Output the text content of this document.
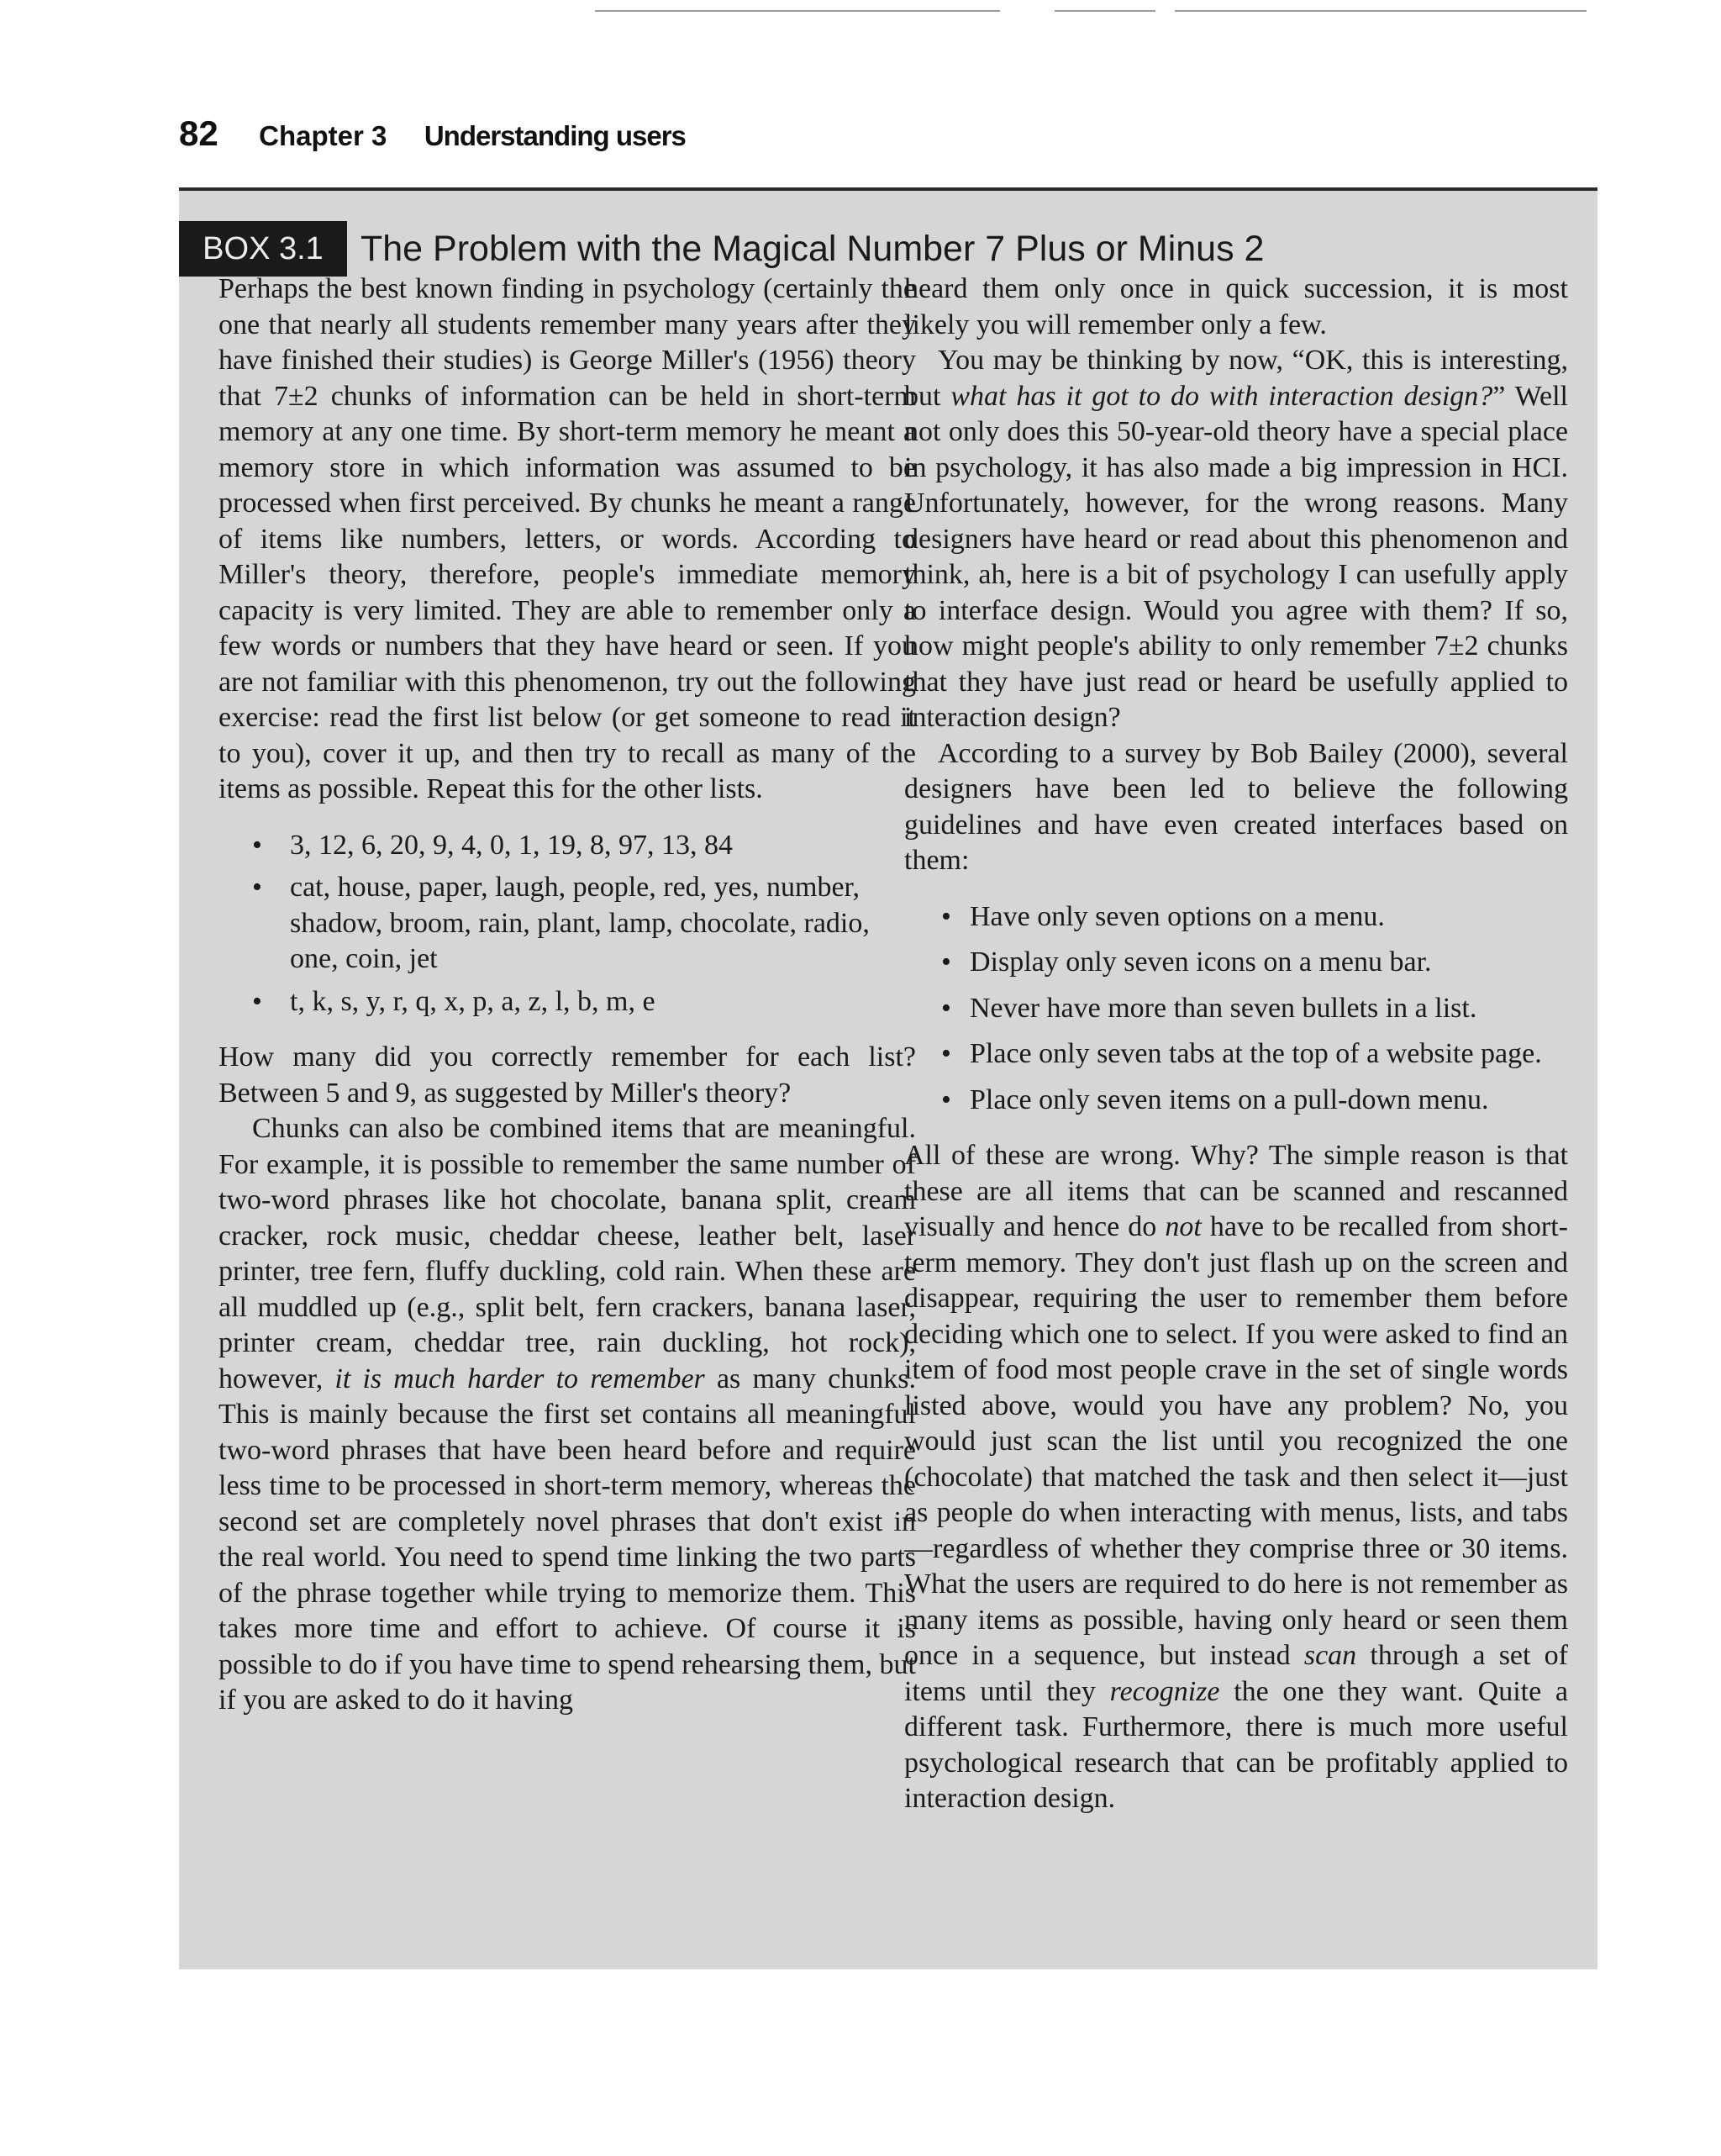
82 Chapter 3 Understanding users
BOX 3.1	The Problem with the Magical Number 7 Plus or Minus 2

Perhaps the best known finding in psychology (certainly the one that nearly all students remember many years after they have finished their studies) is George Miller's (1956) theory that 7±2 chunks of information can be held in short-term memory at any one time. By short-term memory he meant a memory store in which information was assumed to be processed when first perceived. By chunks he meant a range of items like numbers, letters, or words. According to Miller's theory, therefore, people's immediate memory capacity is very limited. They are able to remember only a few words or numbers that they have heard or seen. If you are not familiar with this phenomenon, try out the following exercise: read the first list below (or get someone to read it to you), cover it up, and then try to recall as many of the items as possible. Repeat this for the other lists.

• 3, 12, 6, 20, 9, 4, 0, 1, 19, 8, 97, 13, 84
• cat, house, paper, laugh, people, red, yes, number, shadow, broom, rain, plant, lamp, chocolate, radio, one, coin, jet
• t, k, s, y, r, q, x, p, a, z, l, b, m, e

How many did you correctly remember for each list? Between 5 and 9, as suggested by Miller's theory?

Chunks can also be combined items that are meaningful. For example, it is possible to remember the same number of two-word phrases like hot chocolate, banana split, cream cracker, rock music, cheddar cheese, leather belt, laser printer, tree fern, fluffy duckling, cold rain. When these are all muddled up (e.g., split belt, fern crackers, banana laser, printer cream, cheddar tree, rain duckling, hot rock), however, it is much harder to remember as many chunks. This is mainly because the first set contains all meaningful two-word phrases that have been heard before and require less time to be processed in short-term memory, whereas the second set are completely novel phrases that don't exist in the real world. You need to spend time linking the two parts of the phrase together while trying to memorize them. This takes more time and effort to achieve. Of course it is possible to do if you have time to spend rehearsing them, but if you are asked to do it having

heard them only once in quick succession, it is most likely you will remember only a few.

You may be thinking by now, “OK, this is interesting, but what has it got to do with interaction design?” Well not only does this 50-year-old theory have a special place in psychology, it has also made a big impression in HCI. Unfortunately, however, for the wrong reasons. Many designers have heard or read about this phenomenon and think, ah, here is a bit of psychology I can usefully apply to interface design. Would you agree with them? If so, how might people's ability to only remember 7±2 chunks that they have just read or heard be usefully applied to interaction design?

According to a survey by Bob Bailey (2000), several designers have been led to believe the following guidelines and have even created interfaces based on them:

• Have only seven options on a menu.
• Display only seven icons on a menu bar.
• Never have more than seven bullets in a list.
• Place only seven tabs at the top of a website page.
• Place only seven items on a pull-down menu.

All of these are wrong. Why? The simple reason is that these are all items that can be scanned and rescanned visually and hence do not have to be recalled from short-term memory. They don't just flash up on the screen and disappear, requiring the user to remember them before deciding which one to select. If you were asked to find an item of food most people crave in the set of single words listed above, would you have any problem? No, you would just scan the list until you recognized the one (chocolate) that matched the task and then select it—just as people do when interacting with menus, lists, and tabs—regardless of whether they comprise three or 30 items. What the users are required to do here is not remember as many items as possible, having only heard or seen them once in a sequence, but instead scan through a set of items until they recognize the one they want. Quite a different task. Furthermore, there is much more useful psychological research that can be profitably applied to interaction design.
